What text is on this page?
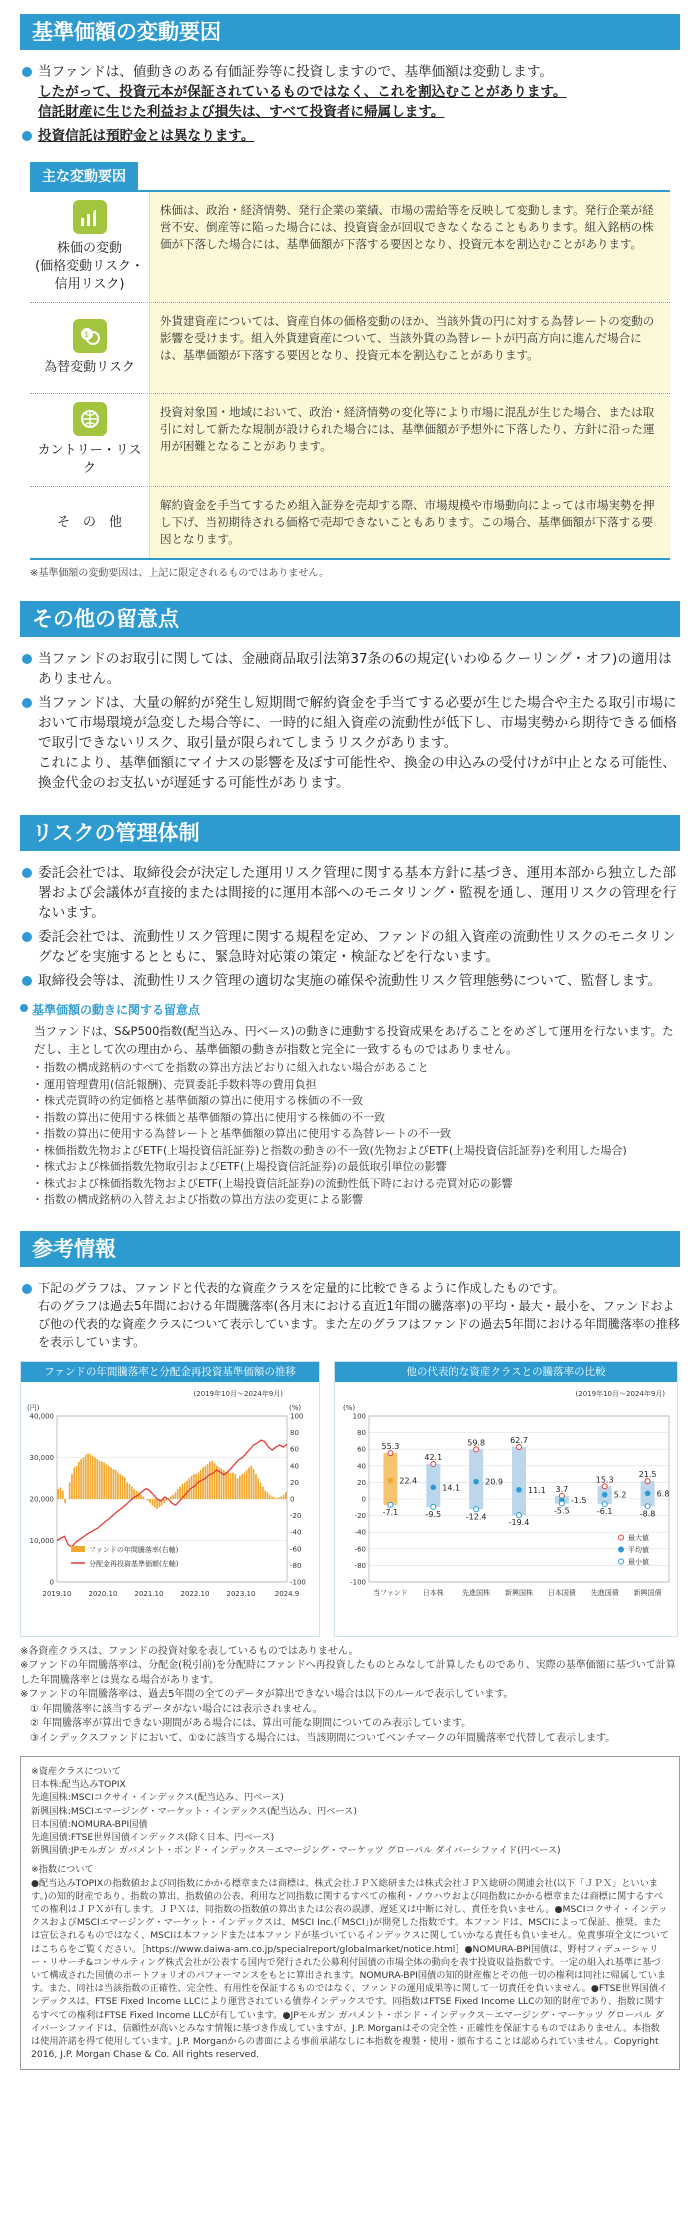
基準価額の変動要因
当ファンドは、値動きのある有価証券等に投資しますので、基準価額は変動します。
したがって、投資元本が保証されているものではなく、これを割込むことがあります。
信託財産に生じた利益および損失は、すべて投資者に帰属します。
投資信託は預貯金とは異なります。
主な変動要因
¥
株価の変動
(価格変動リスク・
信用リスク)
株価は、政治・経済情勢、発行企業の業績、市場の需給等を反映して変動します。発行企業が経営不安、倒産等に陥った場合には、投資資金が回収できなくなることもあります。組入銘柄の株価が下落した場合には、基準価額が下落する要因となり、投資元本を割込むことがあります。
$
為替変動リスク
外貨建資産については、資産自体の価格変動のほか、当該外貨の円に対する為替レートの変動の影響を受けます。組入外貨建資産について、当該外貨の為替レートが円高方向に進んだ場合には、基準価額が下落する要因となり、投資元本を割込むことがあります。
カントリー・リスク
投資対象国・地域において、政治・経済情勢の変化等により市場に混乱が生じた場合、または取引に対して新たな規制が設けられた場合には、基準価額が予想外に下落したり、方針に沿った運用が困難となることがあります。
そ　の　他
解約資金を手当てするため組入証券を売却する際、市場規模や市場動向によっては市場実勢を押し下げ、当初期待される価格で売却できないこともあります。この場合、基準価額が下落する要因となります。
※基準価額の変動要因は、上記に限定されるものではありません。
その他の留意点
当ファンドのお取引に関しては、金融商品取引法第37条の6の規定(いわゆるクーリング・オフ)の適用はありません。
当ファンドは、大量の解約が発生し短期間で解約資金を手当てする必要が生じた場合や主たる取引市場において市場環境が急変した場合等に、一時的に組入資産の流動性が低下し、市場実勢から期待できる価格で取引できないリスク、取引量が限られてしまうリスクがあります。
これにより、基準価額にマイナスの影響を及ぼす可能性や、換金の申込みの受付けが中止となる可能性、換金代金のお支払いが遅延する可能性があります。
リスクの管理体制
委託会社では、取締役会が決定した運用リスク管理に関する基本方針に基づき、運用本部から独立した部署および会議体が直接的または間接的に運用本部へのモニタリング・監視を通し、運用リスクの管理を行ないます。
委託会社では、流動性リスク管理に関する規程を定め、ファンドの組入資産の流動性リスクのモニタリングなどを実施するとともに、緊急時対応策の策定・検証などを行ないます。
取締役会等は、流動性リスク管理の適切な実施の確保や流動性リスク管理態勢について、監督します。
基準価額の動きに関する留意点
当ファンドは、S&P500指数(配当込み、円ベース)の動きに連動する投資成果をあげることをめざして運用を行ないます。ただし、主として次の理由から、基準価額の動きが指数と完全に一致するものではありません。
・ 指数の構成銘柄のすべてを指数の算出方法どおりに組入れない場合があること
・ 運用管理費用(信託報酬)、売買委託手数料等の費用負担
・ 株式売買時の約定価格と基準価額の算出に使用する株価の不一致
・ 指数の算出に使用する株価と基準価額の算出に使用する株価の不一致
・ 指数の算出に使用する為替レートと基準価額の算出に使用する為替レートの不一致
・ 株価指数先物およびETF(上場投資信託証券)と指数の動きの不一致(先物およびETF(上場投資信託証券)を利用した場合)
・ 株式および株価指数先物取引およびETF(上場投資信託証券)の最低取引単位の影響
・ 株式および株価指数先物およびETF(上場投資信託証券)の流動性低下時における売買対応の影響
・ 指数の構成銘柄の入替えおよび指数の算出方法の変更による影響
参考情報
下記のグラフは、ファンドと代表的な資産クラスを定量的に比較できるように作成したものです。
右のグラフは過去5年間における年間騰落率(各月末における直近1年間の騰落率)の平均・最大・最小を、ファンドおよび他の代表的な資産クラスについて表示しています。また左のグラフはファンドの過去5年間における年間騰落率の推移を表示しています。
ファンドの年間騰落率と分配金再投資基準価額の推移
(2019年10月～2024年9月)
(円)	(%)
40,000
30,000
20,000
10,000
0
100
80
60
40
20
0
-20
-40
-60
-80
-100
2019.10 2020.10 2021.10 2022.10 2023.10	2024.9
ファンドの年間騰落率(右軸)
分配金再投資基準価額(左軸)
他の代表的な資産クラスとの騰落率の比較
(2019年10月～2024年9月)
(%)
100
80
60
40
20
0
-20
-40
-60
-80
-100
55.3
22.4
-7.1
当ファンド
42.1
14.1
-9.5
日本株
59.8
20.9
-12.4
先進国株
62.7
11.1
-19.4
新興国株
3.7
-1.5
-5.5
日本国債
15.3
5.2
-6.1
先進国債
21.5
6.8
-8.8
新興国債
最大値
平均値
最小値
※各資産クラスは、ファンドの投資対象を表しているものではありません。
※ファンドの年間騰落率は、分配金(税引前)を分配時にファンドへ再投資したものとみなして計算したものであり、実際の基準価額に基づいて計算した年間騰落率とは異なる場合があります。
※ファンドの年間騰落率は、過去5年間の全てのデータが算出できない場合は以下のルールで表示しています。
① 年間騰落率に該当するデータがない場合には表示されません。
② 年間騰落率が算出できない期間がある場合には、算出可能な期間についてのみ表示しています。
③インデックスファンドにおいて、①②に該当する場合には、当該期間についてベンチマークの年間騰落率で代替して表示します。
※資産クラスについて
日本株:配当込みTOPIX
先進国株:MSCIコクサイ・インデックス(配当込み、円ベース)
新興国株:MSCIエマージング・マーケット・インデックス(配当込み、円ベース)
日本国債:NOMURA-BPI国債
先進国債:FTSE世界国債インデックス(除く日本、円ベース)
新興国債:JPモルガン ガバメント・ボンド・インデックス－エマージング・マーケッツ グローバル ダイバーシファイド(円ベース)
※指数について
●配当込みTOPIXの指数値および同指数にかかる標章または商標は、株式会社ＪＰＸ総研または株式会社ＪＰＸ総研の関連会社(以下「ＪＰＸ」といいます。)の知的財産であり、指数の算出、指数値の公表、利用など同指数に関するすべての権利・ノウハウおよび同指数にかかる標章または商標に関するすべての権利はＪＰＸが有します。ＪＰＸは、同指数の指数値の算出または公表の誤謬、遅延又は中断に対し、責任を負いません。●MSCIコクサイ・インデックスおよびMSCIエマージング・マーケット・インデックスは、MSCI Inc.(「MSCI」)が開発した指数です。本ファンドは、MSCIによって保証、推奨、または宣伝されるものではなく、MSCIは本ファンドまたは本ファンドが基づいているインデックスに関していかなる責任も負いません。免責事項全文についてはこちらをご覧ください。［https://www.daiwa-am.co.jp/specialreport/globalmarket/notice.html］●NOMURA-BPI国債は、野村フィデューシャリー・リサーチ&コンサルティング株式会社が公表する国内で発行された公募利付国債の市場全体の動向を表す投資収益指数です。一定の組入れ基準に基づいて構成された国債のポートフォリオのパフォーマンスをもとに算出されます。NOMURA-BPI国債の知的財産権とその他一切の権利は同社に帰属しています。また、同社は当該指数の正確性、完全性、有用性を保証するものではなく、ファンドの運用成果等に関して一切責任を負いません。●FTSE世界国債インデックスは、FTSE Fixed Income LLCにより運営されている債券インデックスです。同指数はFTSE Fixed Income LLCの知的財産であり、指数に関するすべての権利はFTSE Fixed Income LLCが有しています。●JPモルガン ガバメント・ボンド・インデックス－エマージング・マーケッツ グローバル ダイバーシファイドは、信頼性が高いとみなす情報に基づき作成していますが、J.P. Morganはその完全性・正確性を保証するものではありません。本指数は使用許諾を得て使用しています。J.P. Morganからの書面による事前承諾なしに本指数を複製・使用・頒布することは認められていません。Copyright 2016, J.P. Morgan Chase & Co. All rights reserved.
